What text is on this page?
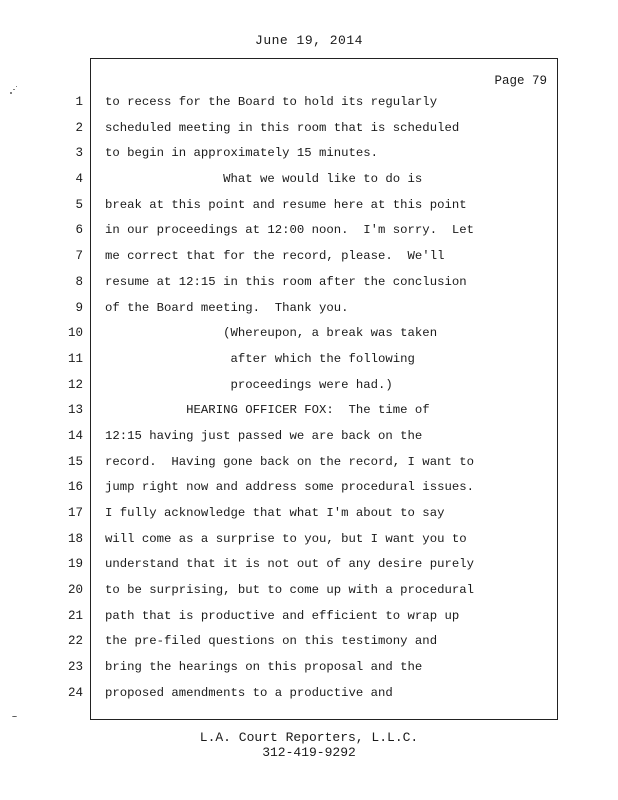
June 19, 2014
Page 79
1
2
3
4
5
6
7
8
9
10
11
12
13
14
15
16
17
18
19
20
21
22
23
24
to recess for the Board to hold its regularly
scheduled meeting in this room that is scheduled
to begin in approximately 15 minutes.
What we would like to do is
break at this point and resume here at this point
in our proceedings at 12:00 noon.  I'm sorry.  Let
me correct that for the record, please.  We'll
resume at 12:15 in this room after the conclusion
of the Board meeting.  Thank you.
(Whereupon, a break was taken
after which the following
proceedings were had.)
HEARING OFFICER FOX:  The time of
12:15 having just passed we are back on the
record.  Having gone back on the record, I want to
jump right now and address some procedural issues.
I fully acknowledge that what I'm about to say
will come as a surprise to you, but I want you to
understand that it is not out of any desire purely
to be surprising, but to come up with a procedural
path that is productive and efficient to wrap up
the pre-filed questions on this testimony and
bring the hearings on this proposal and the
proposed amendments to a productive and
L.A. Court Reporters, L.L.C.
312-419-9292
